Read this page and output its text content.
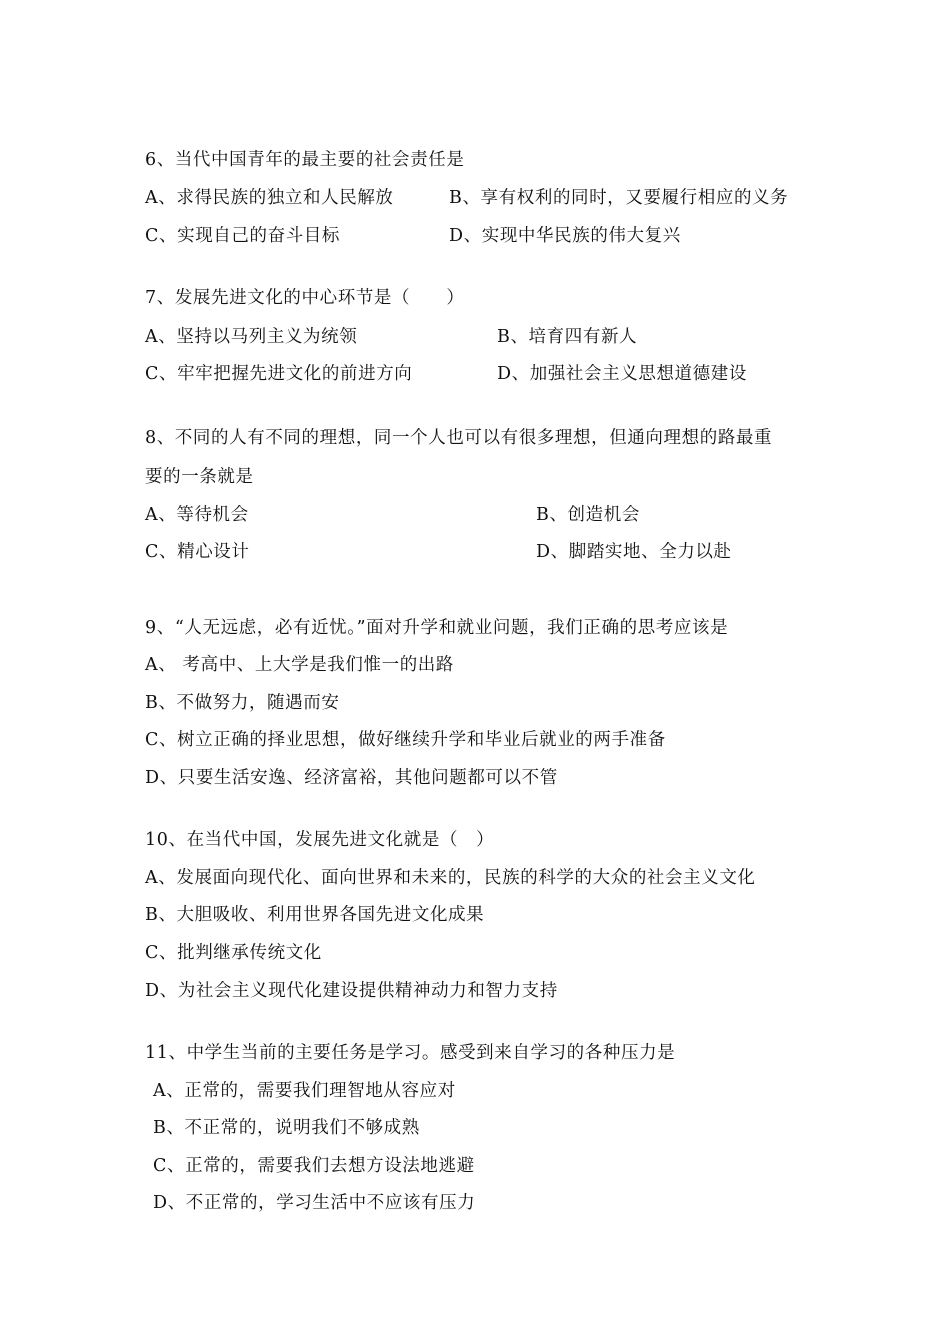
6、当代中国青年的最主要的社会责任是
A、求得民族的独立和人民解放	B、享有权利的同时，又要履行相应的义务
C、实现自己的奋斗目标	D、实现中华民族的伟大复兴
7、发展先进文化的中心环节是（　　）
A、坚持以马列主义为统领	B、培育四有新人
C、牢牢把握先进文化的前进方向	D、加强社会主义思想道德建设
8、不同的人有不同的理想，同一个人也可以有很多理想，但通向理想的路最重
要的一条就是
A、等待机会	B、创造机会
C、精心设计	D、脚踏实地、全力以赴
9、“人无远虑，必有近忧。”面对升学和就业问题，我们正确的思考应该是
A、 考高中、上大学是我们惟一的出路
B、不做努力，随遇而安
C、树立正确的择业思想，做好继续升学和毕业后就业的两手准备
D、只要生活安逸、经济富裕，其他问题都可以不管
10、在当代中国，发展先进文化就是（　）
A、发展面向现代化、面向世界和未来的，民族的科学的大众的社会主义文化
B、大胆吸收、利用世界各国先进文化成果
C、批判继承传统文化
D、为社会主义现代化建设提供精神动力和智力支持
11、中学生当前的主要任务是学习。感受到来自学习的各种压力是
A、正常的，需要我们理智地从容应对
B、不正常的，说明我们不够成熟
C、正常的，需要我们去想方设法地逃避
D、不正常的，学习生活中不应该有压力
